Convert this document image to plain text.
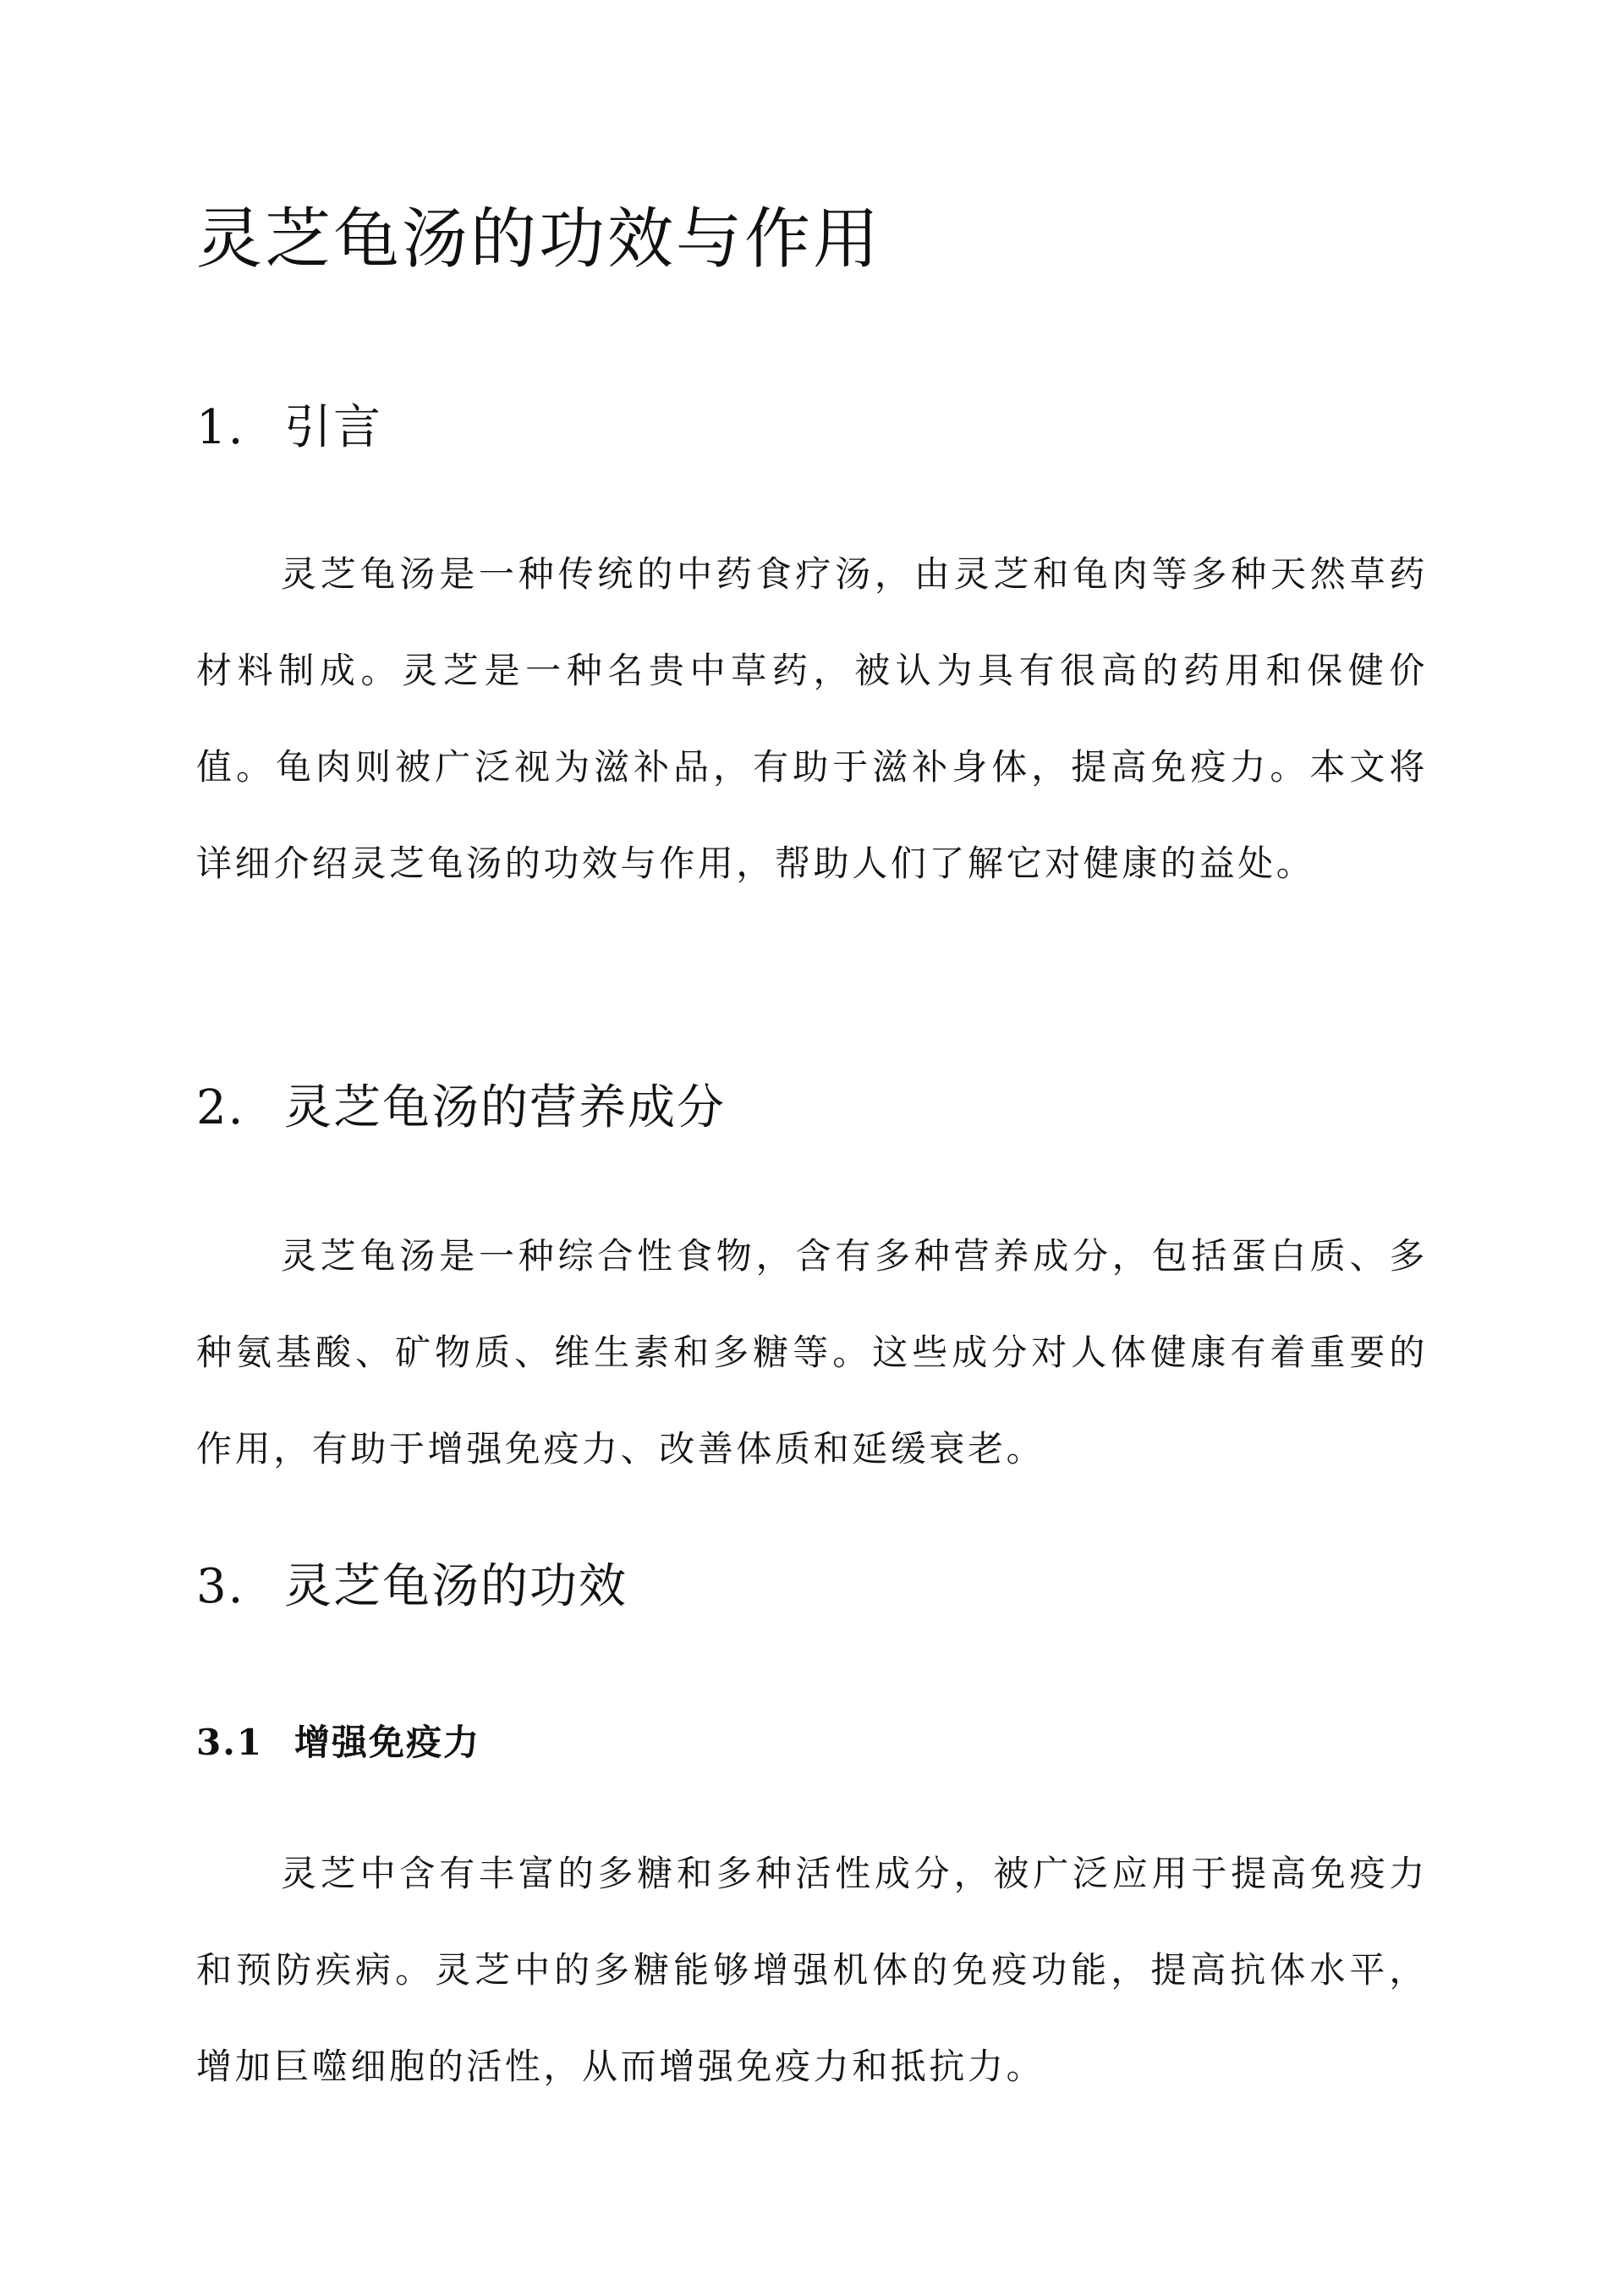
灵芝龟汤的功效与作用
1. 引言

灵芝龟汤是一种传统的中药食疗汤，由灵芝和龟肉等多种天然草药材料制成。灵芝是一种名贵中草药，被认为具有很高的药用和保健价值。龟肉则被广泛视为滋补品，有助于滋补身体，提高免疫力。本文将详细介绍灵芝龟汤的功效与作用，帮助人们了解它对健康的益处。

2. 灵芝龟汤的营养成分

灵芝龟汤是一种综合性食物，含有多种营养成分，包括蛋白质、多种氨基酸、矿物质、维生素和多糖等。这些成分对人体健康有着重要的作用，有助于增强免疫力、改善体质和延缓衰老。

3. 灵芝龟汤的功效
3.1 增强免疫力

灵芝中含有丰富的多糖和多种活性成分，被广泛应用于提高免疫力和预防疾病。灵芝中的多糖能够增强机体的免疫功能，提高抗体水平，增加巨噬细胞的活性，从而增强免疫力和抵抗力。
